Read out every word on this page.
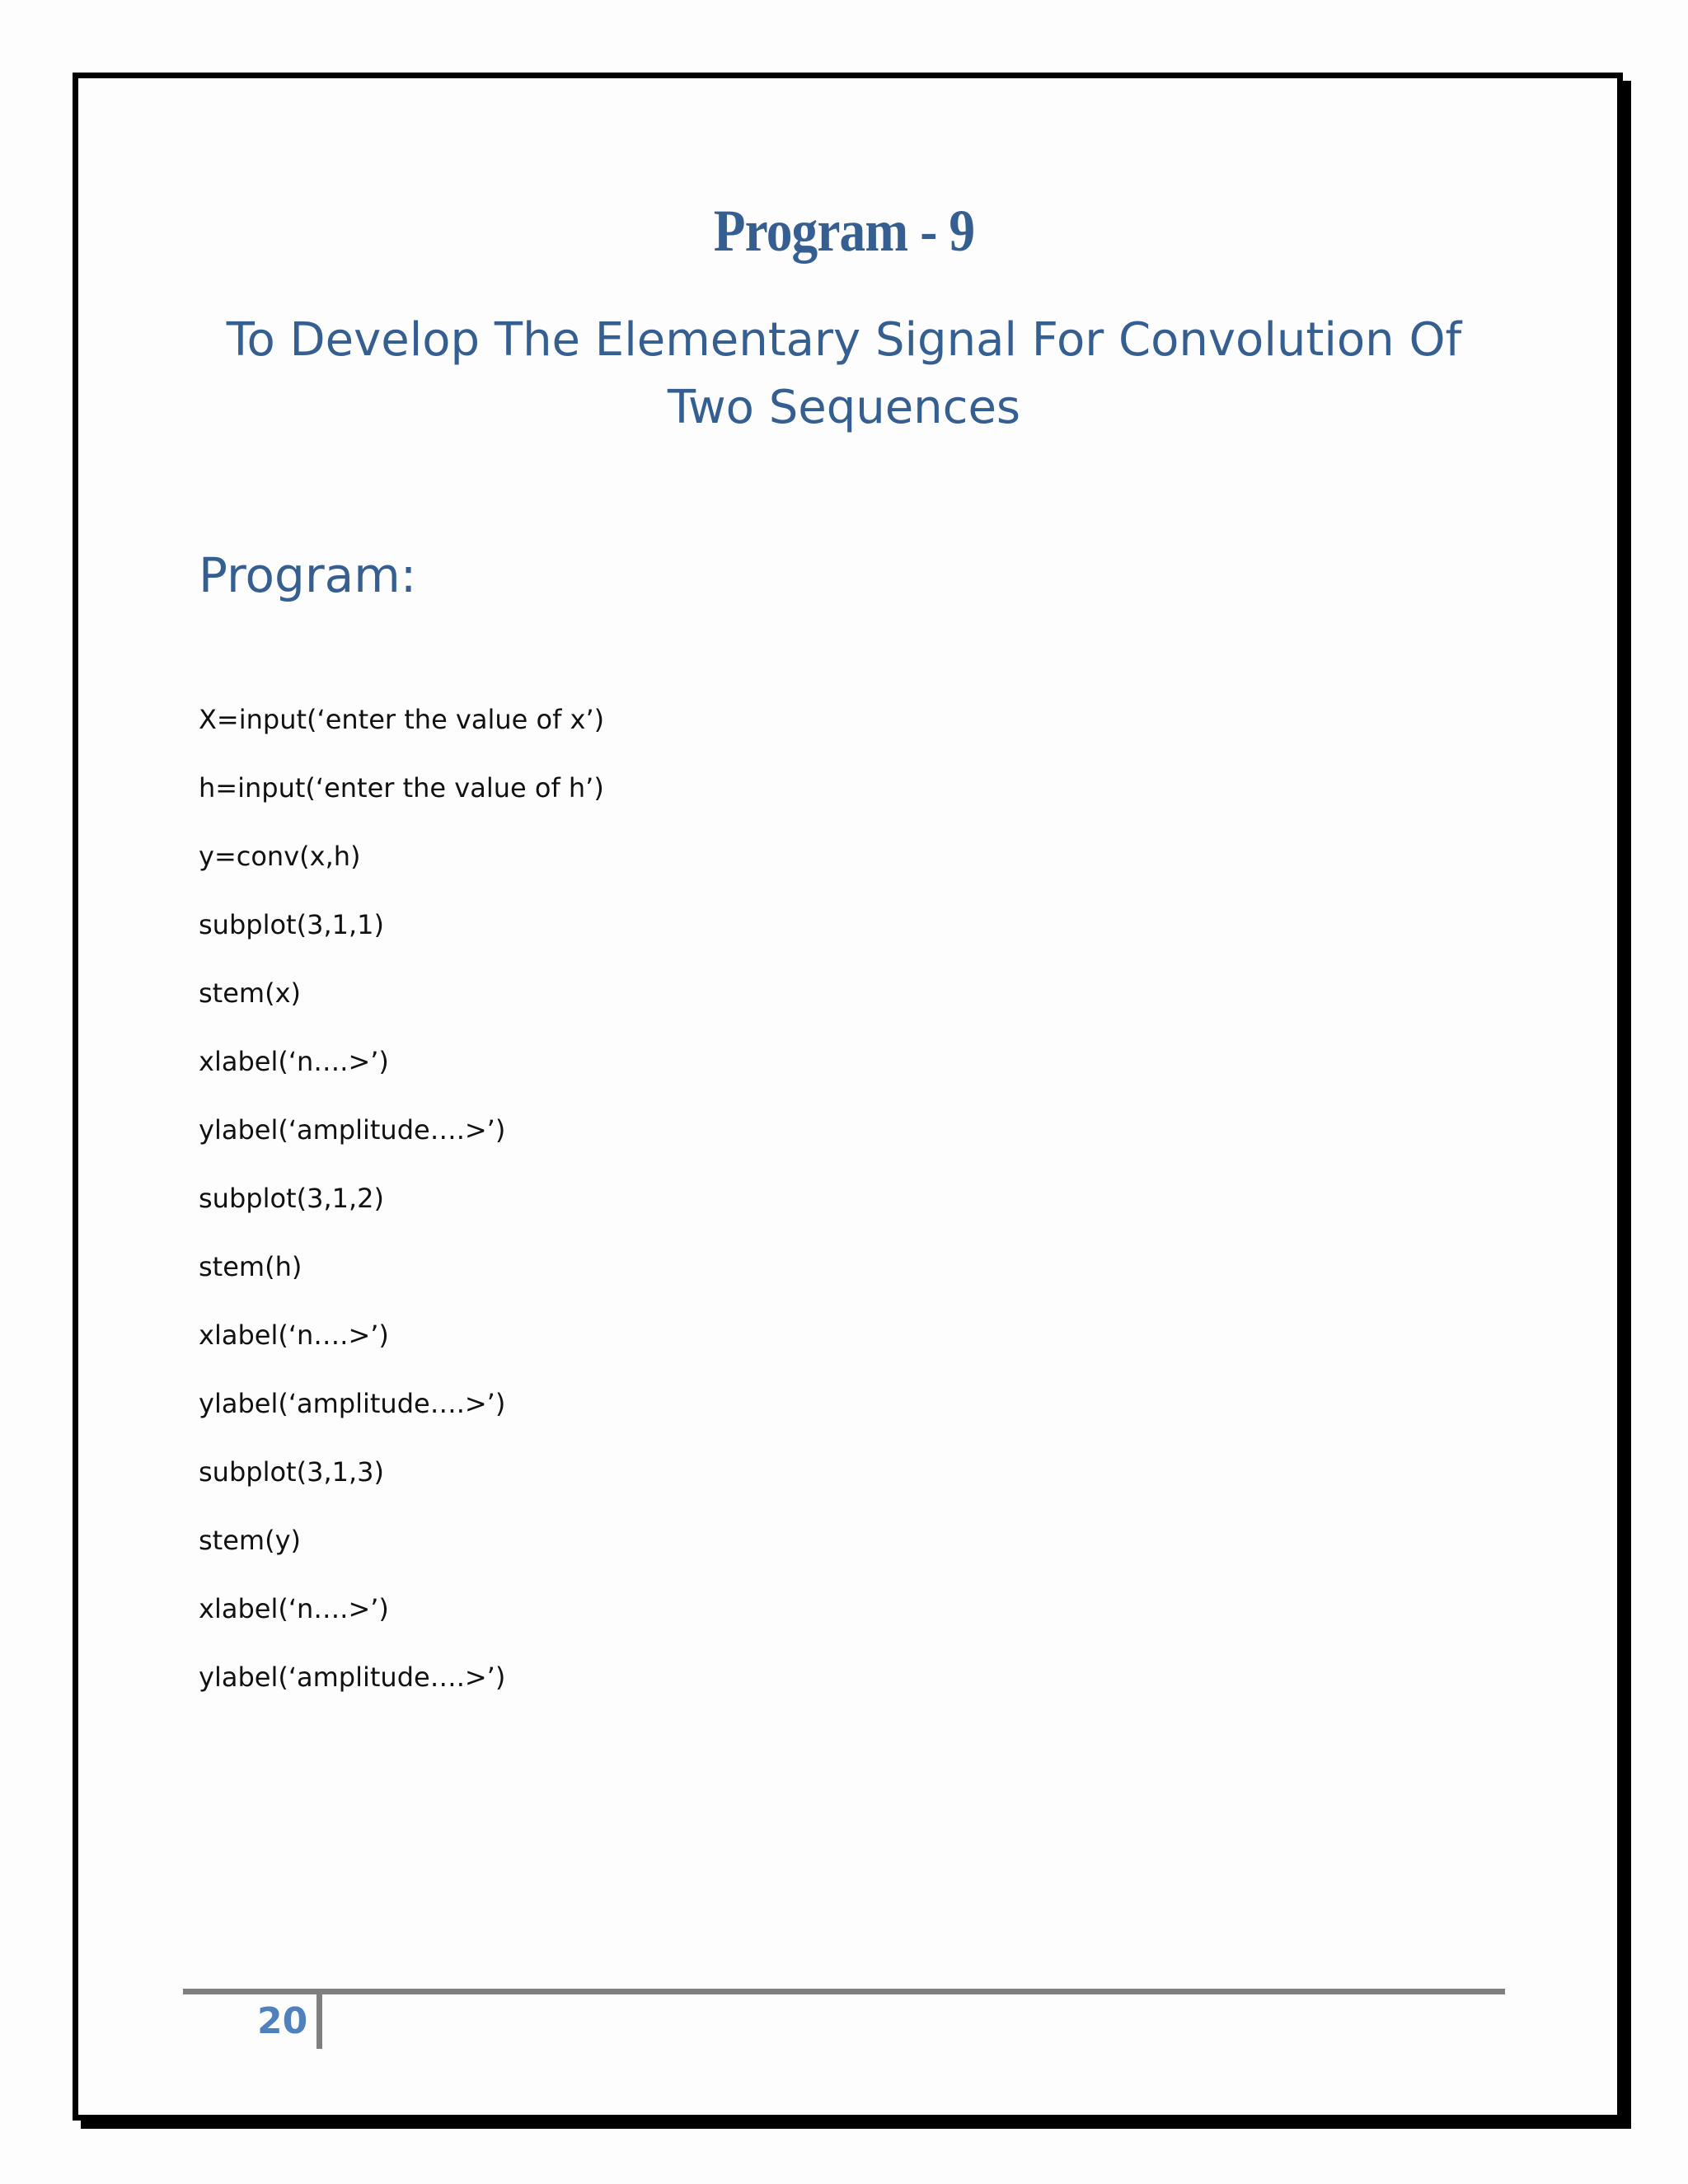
Program - 9
To Develop The Elementary Signal For Convolution Of
Two Sequences
Program:
X=input(‘enter the value of x’)
h=input(‘enter the value of h’)
y=conv(x,h)
subplot(3,1,1)
stem(x)
xlabel(‘n….>’)
ylabel(‘amplitude….>’)
subplot(3,1,2)
stem(h)
xlabel(‘n….>’)
ylabel(‘amplitude….>’)
subplot(3,1,3)
stem(y)
xlabel(‘n….>’)
ylabel(‘amplitude….>’)
20
